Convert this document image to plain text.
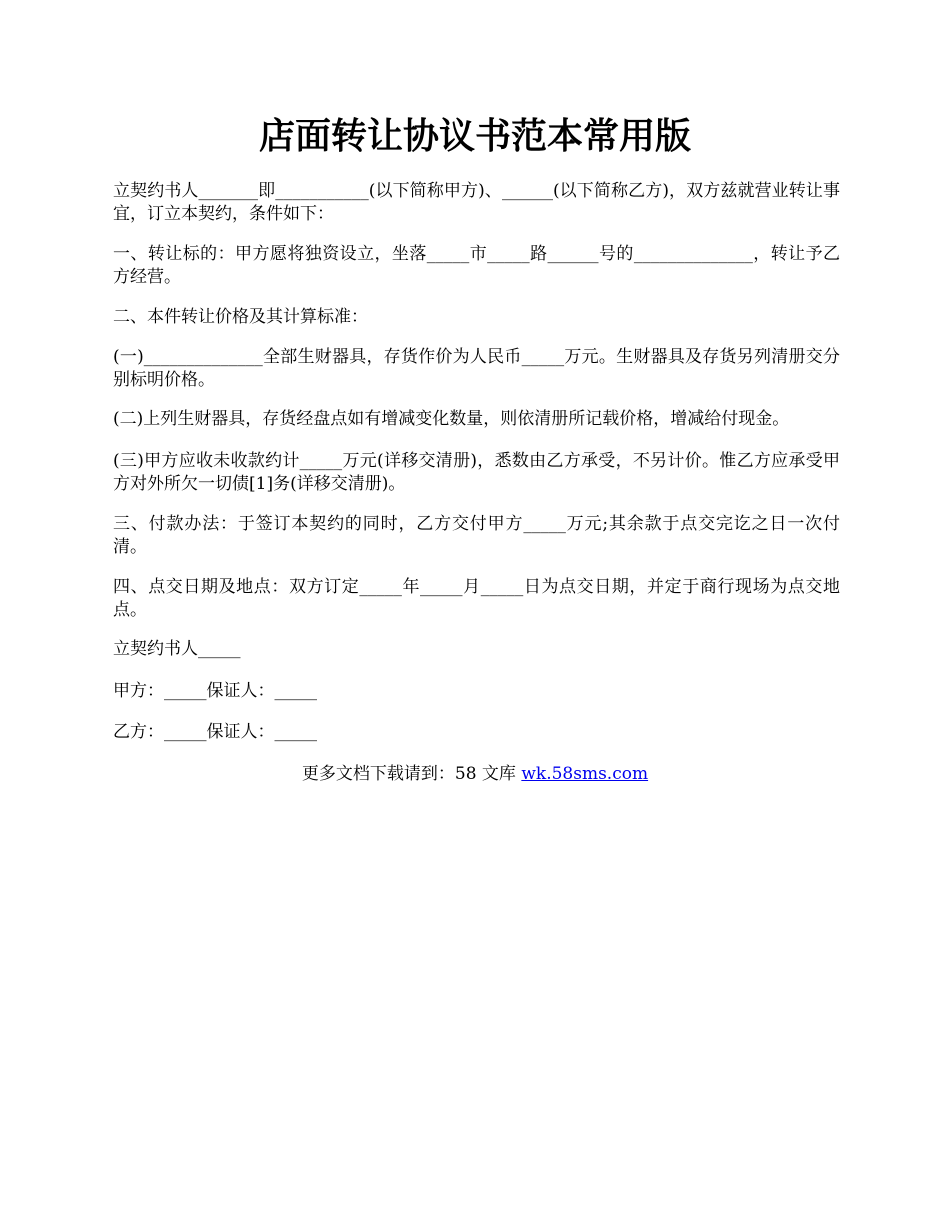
店面转让协议书范本常用版

立契约书人_______即___________(以下简称甲方)、______(以下简称乙方)，双方兹就营业转让事宜，订立本契约，条件如下：

一、转让标的：甲方愿将独资设立，坐落_____市_____路______号的______________，转让予乙方经营。

二、本件转让价格及其计算标准：

(一)______________全部生财器具，存货作价为人民币_____万元。生财器具及存货另列清册交分别标明价格。

(二)上列生财器具，存货经盘点如有增减变化数量，则依清册所记载价格，增减给付现金。

(三)甲方应收未收款约计_____万元(详移交清册)，悉数由乙方承受，不另计价。惟乙方应承受甲方对外所欠一切债[1]务(详移交清册)。

三、付款办法：于签订本契约的同时，乙方交付甲方_____万元;其余款于点交完讫之日一次付清。

四、点交日期及地点：双方订定_____年_____月_____日为点交日期，并定于商行现场为点交地点。

立契约书人_____

甲方：_____保证人：_____

乙方：_____保证人：_____

更多文档下载请到：58 文库 wk.58sms.com
